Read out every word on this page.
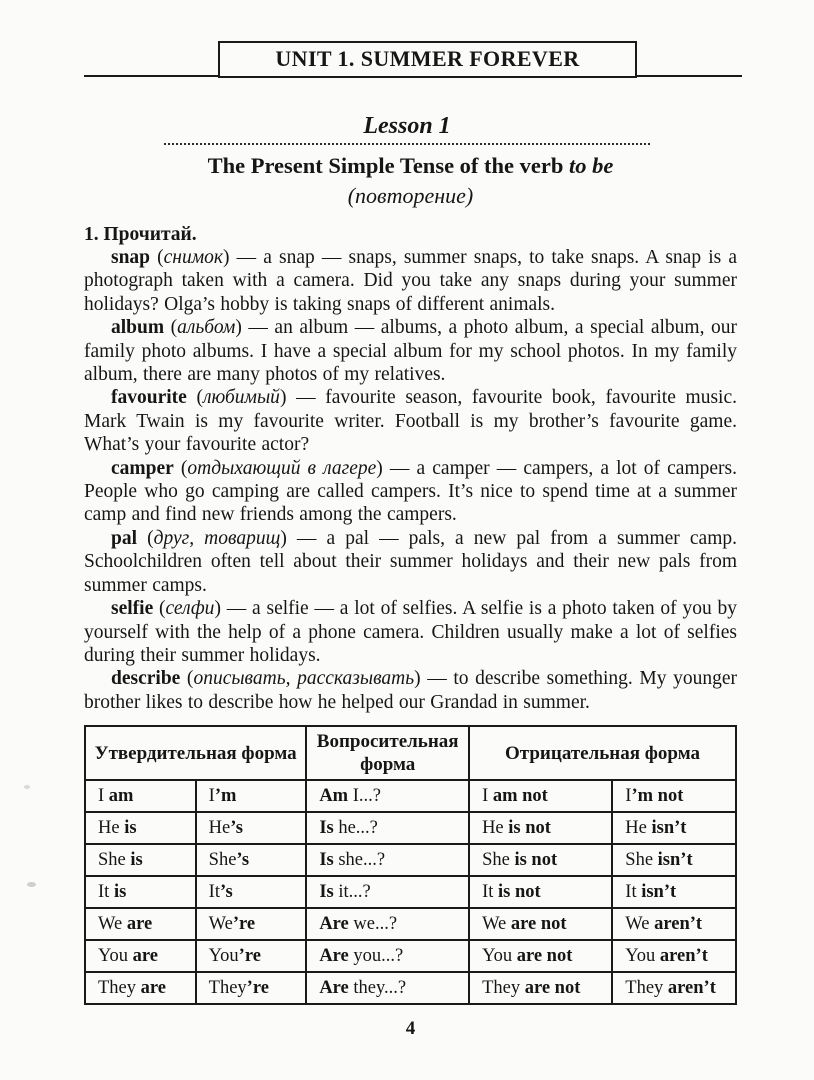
UNIT 1. SUMMER FOREVER
Lesson 1
The Present Simple Tense of the verb to be
(повторение)
1. Прочитай.

snap (снимок) — a snap — snaps, summer snaps, to take snaps. A snap is a photograph taken with a camera. Did you take any snaps during your summer holidays? Olga’s hobby is taking snaps of different animals.

album (альбом) — an album — albums, a photo album, a special album, our family photo albums. I have a special album for my school photos. In my family album, there are many photos of my relatives.

favourite (любимый) — favourite season, favourite book, favourite music. Mark Twain is my favourite writer. Football is my brother’s favourite game. What’s your favourite actor?

camper (отдыхающий в лагере) — a camper — campers, a lot of campers. People who go camping are called campers. It’s nice to spend time at a summer camp and find new friends among the campers.

pal (друг, товарищ) — a pal — pals, a new pal from a summer camp. Schoolchildren often tell about their summer holidays and their new pals from summer camps.

selfie (селфи) — a selfie — a lot of selfies. A selfie is a photo taken of you by yourself with the help of a phone camera. Children usually make a lot of selfies during their summer holidays.

describe (описывать, рассказывать) — to describe something. My younger brother likes to describe how he helped our Grandad in summer.

Утвердительная форма		Вопросительная форма	Отрицательная форма	
I am	I’m	Am I...?	I am not	I’m not
He is	He’s	Is he...?	He is not	He isn’t
She is	She’s	Is she...?	She is not	She isn’t
It is	It’s	Is it...?	It is not	It isn’t
We are	We’re	Are we...?	We are not	We aren’t
You are	You’re	Are you...?	You are not	You aren’t
They are	They’re	Are they...?	They are not	They aren’t
4
